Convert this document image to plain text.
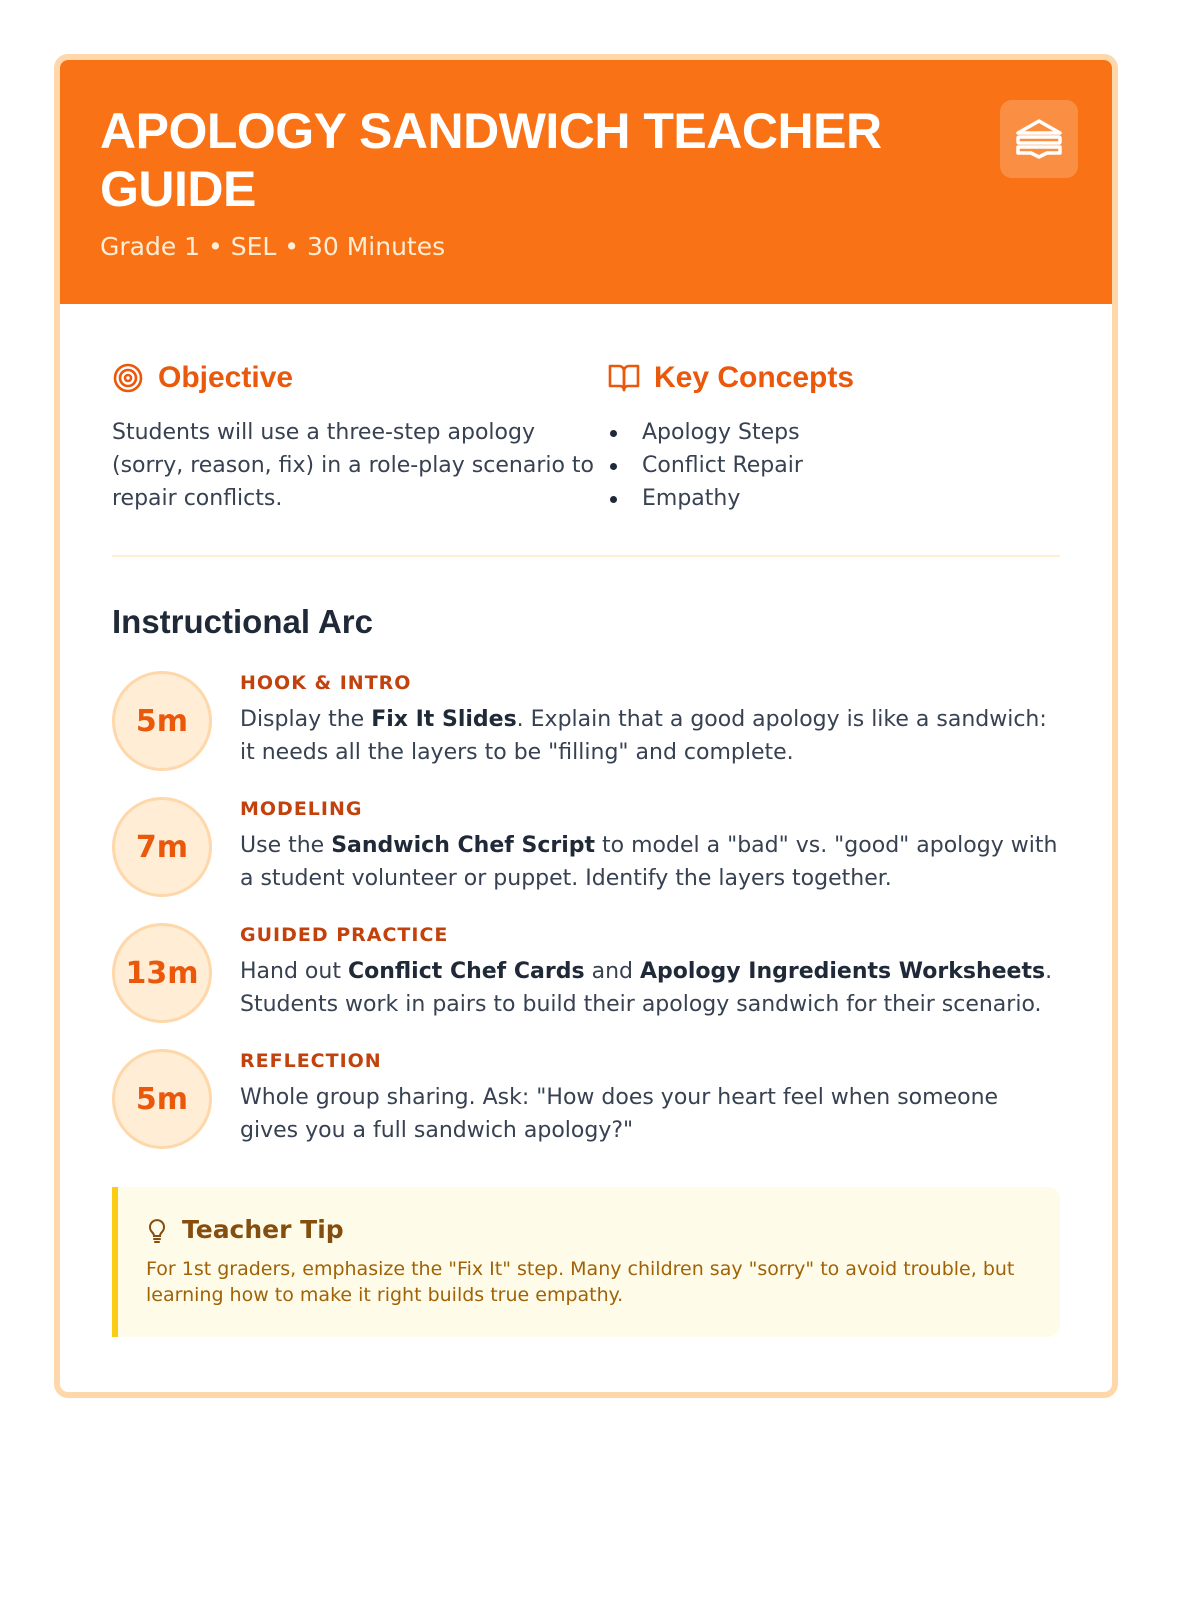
APOLOGY SANDWICH TEACHER GUIDE
Grade 1 • SEL • 30 Minutes
Objective

Students will use a three-step apology (sorry, reason, fix) in a role-play scenario to repair conflicts.

Key Concepts
Apology Steps
Conflict Repair
Empathy
Instructional Arc
5m
HOOK & INTRO

Display the Fix It Slides. Explain that a good apology is like a sandwich: it needs all the layers to be "filling" and complete.

7m
MODELING

Use the Sandwich Chef Script to model a "bad" vs. "good" apology with a student volunteer or puppet. Identify the layers together.

13m
GUIDED PRACTICE

Hand out Conflict Chef Cards and Apology Ingredients Worksheets. Students work in pairs to build their apology sandwich for their scenario.

5m
REFLECTION

Whole group sharing. Ask: "How does your heart feel when someone gives you a full sandwich apology?"

Teacher Tip

For 1st graders, emphasize the "Fix It" step. Many children say "sorry" to avoid trouble, but learning how to make it right builds true empathy.
